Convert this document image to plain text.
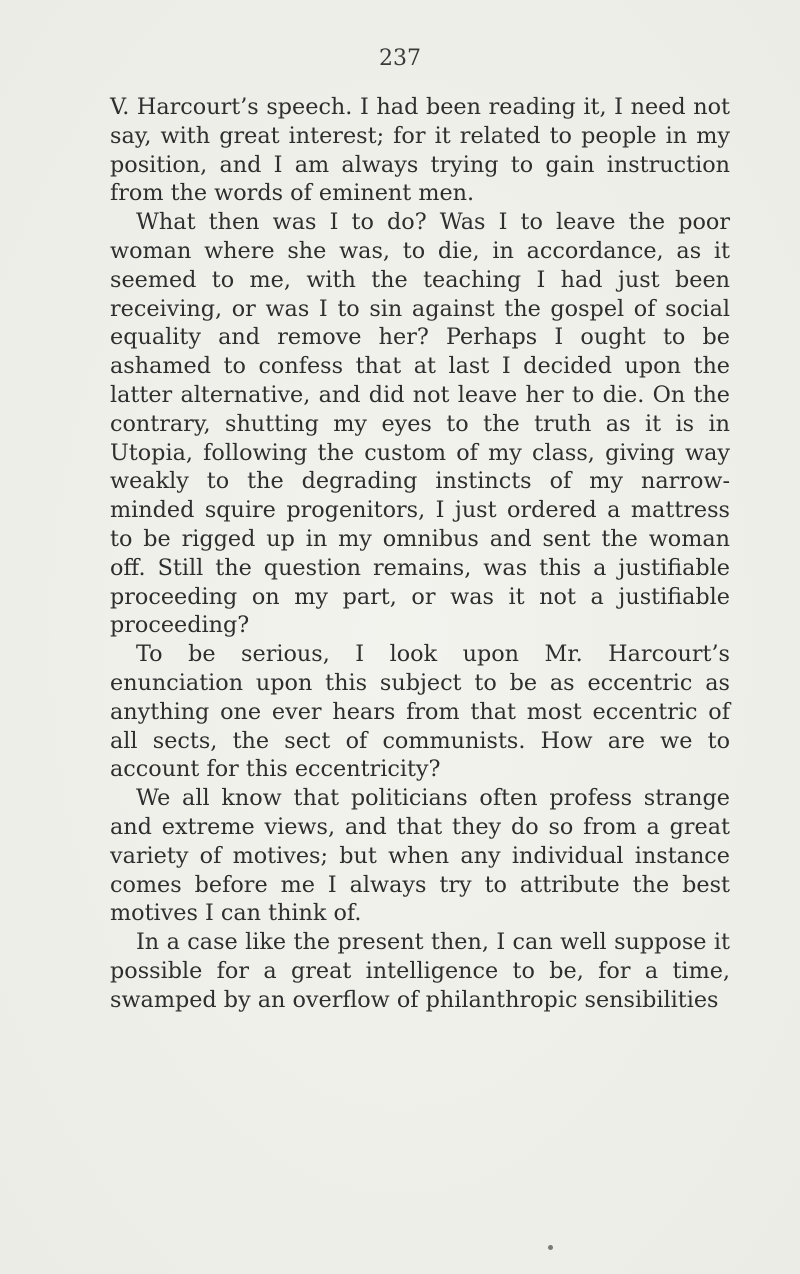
237

V. Harcourt’s speech. I had been reading it, I need not say, with great interest; for it related to people in my position, and I am always trying to gain instruction from the words of eminent men.

What then was I to do? Was I to leave the poor woman where she was, to die, in accordance, as it seemed to me, with the teaching I had just been receiving, or was I to sin against the gospel of social equality and remove her? Perhaps I ought to be ashamed to confess that at last I decided upon the latter alternative, and did not leave her to die. On the contrary, shutting my eyes to the truth as it is in Utopia, following the custom of my class, giving way weakly to the degrading instincts of my narrow-minded squire progenitors, I just ordered a mattress to be rigged up in my omnibus and sent the woman off. Still the question remains, was this a justifiable proceeding on my part, or was it not a justifiable proceeding?

To be serious, I look upon Mr. Harcourt’s enunciation upon this subject to be as eccentric as anything one ever hears from that most eccentric of all sects, the sect of communists. How are we to account for this eccentricity?

We all know that politicians often profess strange and extreme views, and that they do so from a great variety of motives; but when any individual instance comes before me I always try to attribute the best motives I can think of.

In a case like the present then, I can well suppose it possible for a great intelligence to be, for a time, swamped by an overflow of philanthropic sensibilities
